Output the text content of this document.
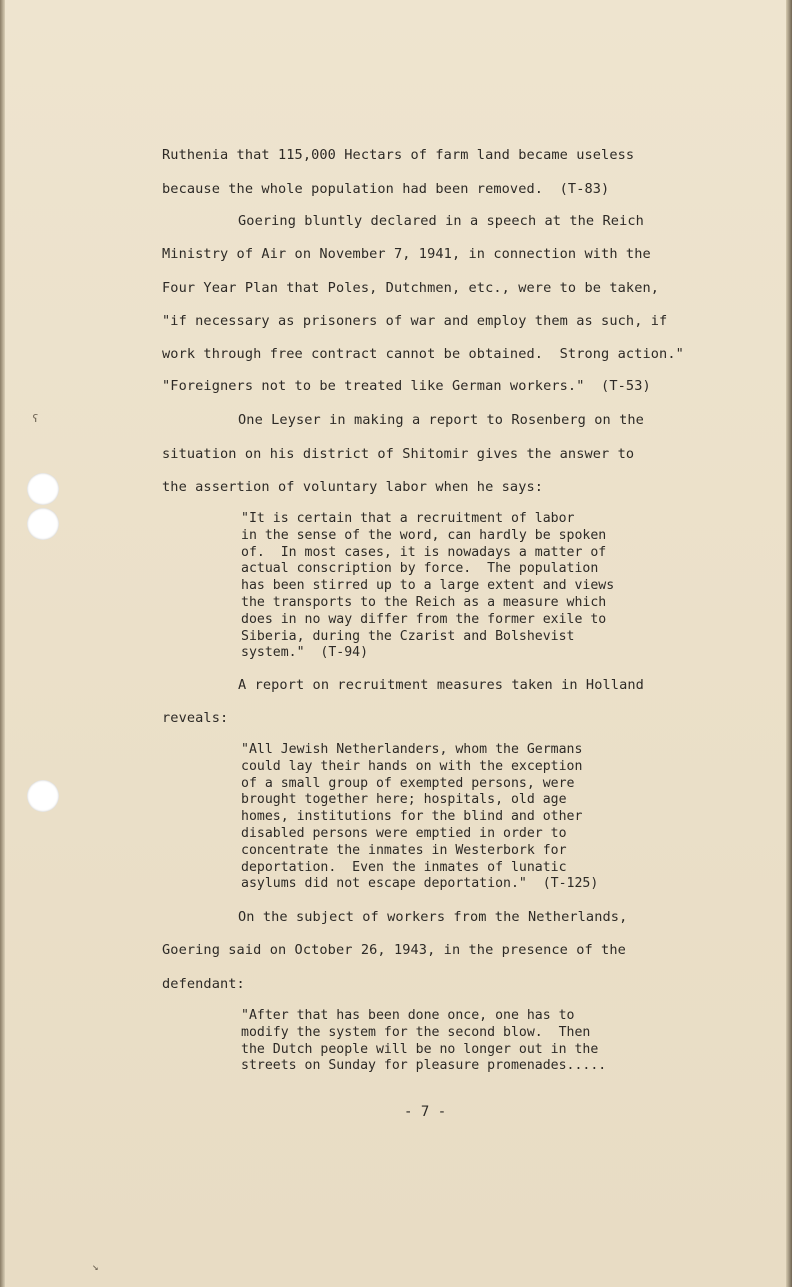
ʕ
↘
Ruthenia that 115,000 Hectars of farm land became useless
because the whole population had been removed.  (T-83)
Goering bluntly declared in a speech at the Reich
Ministry of Air on November 7, 1941, in connection with the
Four Year Plan that Poles, Dutchmen, etc., were to be taken,
"if necessary as prisoners of war and employ them as such, if
work through free contract cannot be obtained.  Strong action."
"Foreigners not to be treated like German workers."  (T-53)
One Leyser in making a report to Rosenberg on the
situation on his district of Shitomir gives the answer to
the assertion of voluntary labor when he says:
"It is certain that a recruitment of labor
in the sense of the word, can hardly be spoken
of.  In most cases, it is nowadays a matter of
actual conscription by force.  The population
has been stirred up to a large extent and views
the transports to the Reich as a measure which
does in no way differ from the former exile to
Siberia, during the Czarist and Bolshevist
system."  (T-94)
A report on recruitment measures taken in Holland
reveals:
"All Jewish Netherlanders, whom the Germans
could lay their hands on with the exception
of a small group of exempted persons, were
brought together here; hospitals, old age
homes, institutions for the blind and other
disabled persons were emptied in order to
concentrate the inmates in Westerbork for
deportation.  Even the inmates of lunatic
asylums did not escape deportation."  (T-125)
On the subject of workers from the Netherlands,
Goering said on October 26, 1943, in the presence of the
defendant:
"After that has been done once, one has to
modify the system for the second blow.  Then
the Dutch people will be no longer out in the
streets on Sunday for pleasure promenades.....
- 7 -
